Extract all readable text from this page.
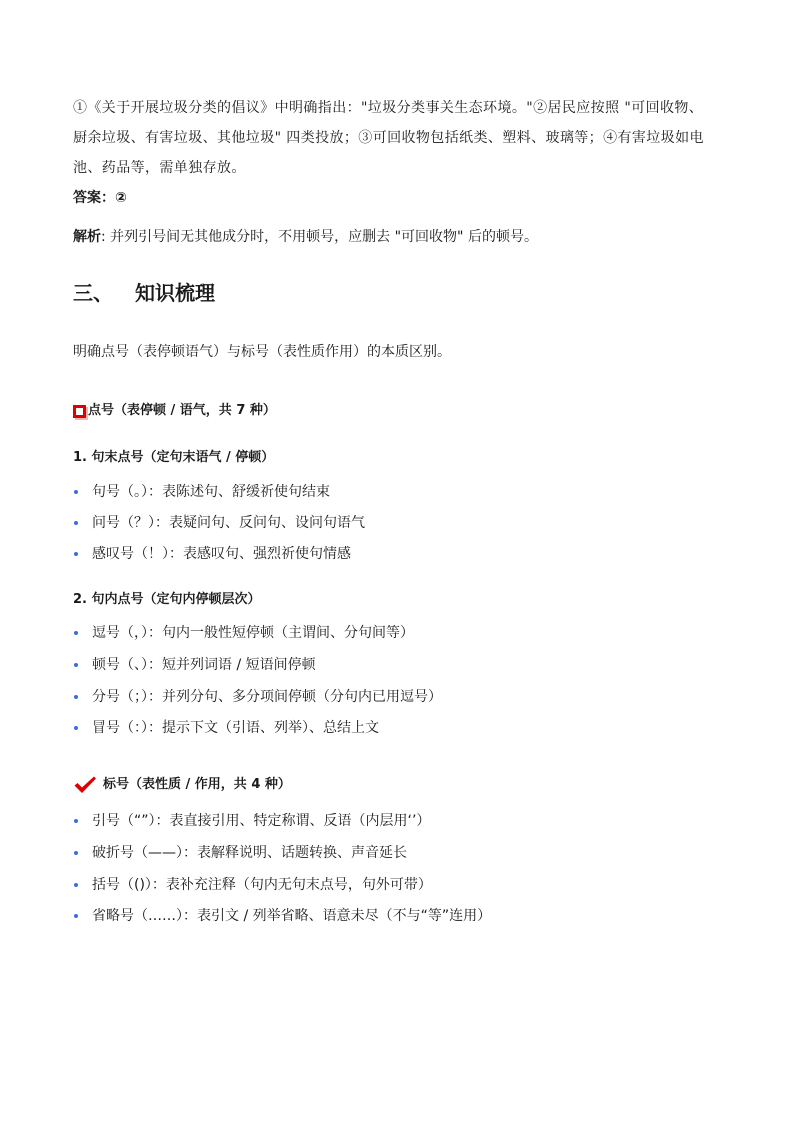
①《关于开展垃圾分类的倡议》中明确指出："垃圾分类事关生态环境。"②居民应按照 "可回收物、
厨余垃圾、有害垃圾、其他垃圾" 四类投放；③可回收物包括纸类、塑料、玻璃等；④有害垃圾如电
池、药品等，需单独存放。
答案：②
解析: 并列引号间无其他成分时，不用顿号，应删去 "可回收物" 后的顿号。
三、 知识梳理
明确点号（表停顿语气）与标号（表性质作用）的本质区别。
点号（表停顿 / 语气，共 7 种）
1. 句末点号（定句末语气 / 停顿）
句号（。）：表陈述句、舒缓祈使句结束
问号（？）：表疑问句、反问句、设问句语气
感叹号（！）：表感叹句、强烈祈使句情感
2. 句内点号（定句内停顿层次）
逗号（，）：句内一般性短停顿（主谓间、分句间等）
顿号（、）：短并列词语 / 短语间停顿
分号（；）：并列分句、多分项间停顿（分句内已用逗号）
冒号（：）：提示下文（引语、列举）、总结上文
标号（表性质 / 作用，共 4 种）
引号（“”）：表直接引用、特定称谓、反语（内层用‘’）
破折号（——）：表解释说明、话题转换、声音延长
括号（()）：表补充注释（句内无句末点号，句外可带）
省略号（……）：表引文 / 列举省略、语意未尽（不与“等”连用）
